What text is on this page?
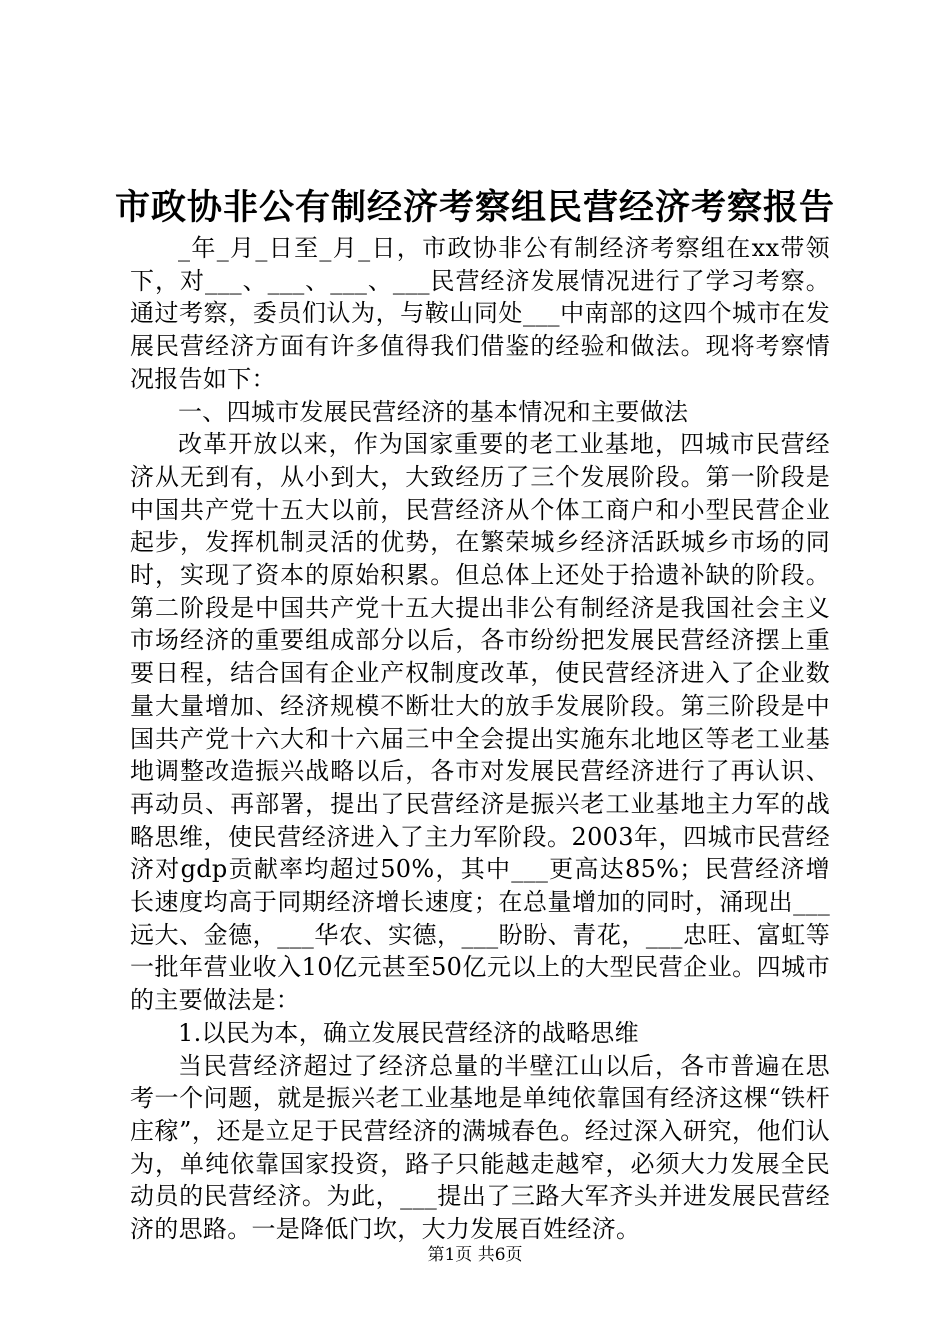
市政协非公有制经济考察组民营经济考察报告

_年_月_日至_月_日，市政协非公有制经济考察组在xx带领下，对___、___、___、___民营经济发展情况进行了学习考察。通过考察，委员们认为，与鞍山同处___中南部的这四个城市在发展民营经济方面有许多值得我们借鉴的经验和做法。现将考察情况报告如下：

一、四城市发展民营经济的基本情况和主要做法

改革开放以来，作为国家重要的老工业基地，四城市民营经济从无到有，从小到大，大致经历了三个发展阶段。第一阶段是中国共产党十五大以前，民营经济从个体工商户和小型民营企业起步，发挥机制灵活的优势，在繁荣城乡经济活跃城乡市场的同时，实现了资本的原始积累。但总体上还处于拾遗补缺的阶段。第二阶段是中国共产党十五大提出非公有制经济是我国社会主义市场经济的重要组成部分以后，各市纷纷把发展民营经济摆上重要日程，结合国有企业产权制度改革，使民营经济进入了企业数量大量增加、经济规模不断壮大的放手发展阶段。第三阶段是中国共产党十六大和十六届三中全会提出实施东北地区等老工业基地调整改造振兴战略以后，各市对发展民营经济进行了再认识、再动员、再部署，提出了民营经济是振兴老工业基地主力军的战略思维，使民营经济进入了主力军阶段。2003年，四城市民营经济对gdp贡献率均超过50%，其中___更高达85%；民营经济增长速度均高于同期经济增长速度；在总量增加的同时，涌现出___远大、金德，___华农、实德，___盼盼、青花，___忠旺、富虹等一批年营业收入10亿元甚至50亿元以上的大型民营企业。四城市的主要做法是：

1.以民为本，确立发展民营经济的战略思维

当民营经济超过了经济总量的半壁江山以后，各市普遍在思考一个问题，就是振兴老工业基地是单纯依靠国有经济这棵“铁杆庄稼”，还是立足于民营经济的满城春色。经过深入研究，他们认为，单纯依靠国家投资，路子只能越走越窄，必须大力发展全民动员的民营经济。为此，___提出了三路大军齐头并进发展民营经济的思路。一是降低门坎，大力发展百姓经济。

第1页 共6页
